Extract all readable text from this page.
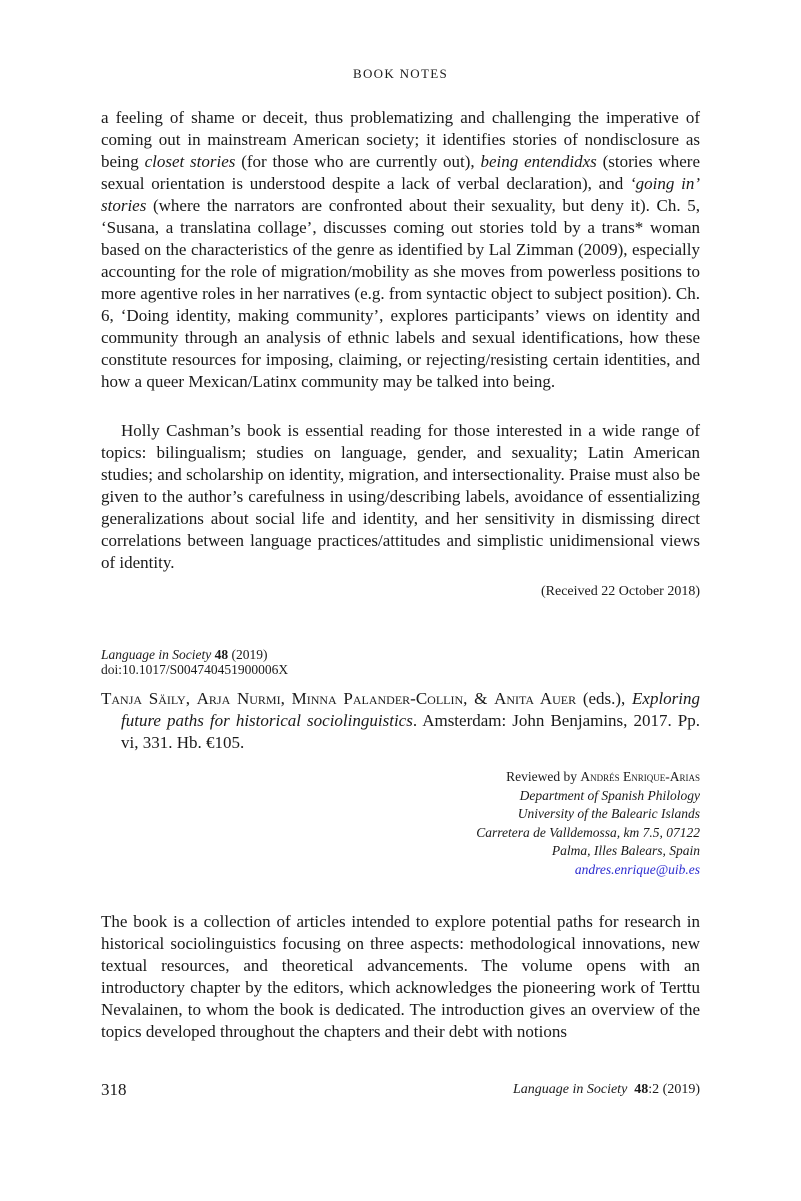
BOOK NOTES

a feeling of shame or deceit, thus problematizing and challenging the imperative of coming out in mainstream American society; it identifies stories of nondisclosure as being closet stories (for those who are currently out), being entendidxs (stories where sexual orientation is understood despite a lack of verbal declaration), and ‘going in’ stories (where the narrators are confronted about their sexuality, but deny it). Ch. 5, ‘Susana, a translatina collage’, discusses coming out stories told by a trans* woman based on the characteristics of the genre as identified by Lal Zimman (2009), especially accounting for the role of migration/mobility as she moves from powerless positions to more agentive roles in her narratives (e.g. from syntactic object to subject position). Ch. 6, ‘Doing identity, making community’, explores participants’ views on identity and community through an analysis of ethnic labels and sexual identifications, how these constitute resources for imposing, claiming, or rejecting/resisting certain identities, and how a queer Mexican/Latinx community may be talked into being.

Holly Cashman’s book is essential reading for those interested in a wide range of topics: bilingualism; studies on language, gender, and sexuality; Latin American studies; and scholarship on identity, migration, and intersectionality. Praise must also be given to the author’s carefulness in using/describing labels, avoidance of essentializing generalizations about social life and identity, and her sensitivity in dismissing direct correlations between language practices/attitudes and simplistic unidimensional views of identity.

(Received 22 October 2018)
Language in Society 48 (2019)
doi:10.1017/S004740451900006X
Tanja Säily, Arja Nurmi, Minna Palander-Collin, & Anita Auer (eds.), Exploring future paths for historical sociolinguistics. Amsterdam: John Benjamins, 2017. Pp. vi, 331. Hb. €105.
Reviewed by Andrés Enrique-Arias
Department of Spanish Philology
University of the Balearic Islands
Carretera de Valldemossa, km 7.5, 07122
Palma, Illes Balears, Spain
andres.enrique@uib.es

The book is a collection of articles intended to explore potential paths for research in historical sociolinguistics focusing on three aspects: methodological innovations, new textual resources, and theoretical advancements. The volume opens with an introductory chapter by the editors, which acknowledges the pioneering work of Terttu Nevalainen, to whom the book is dedicated. The introduction gives an overview of the topics developed throughout the chapters and their debt with notions

318	Language in Society 48:2 (2019)
